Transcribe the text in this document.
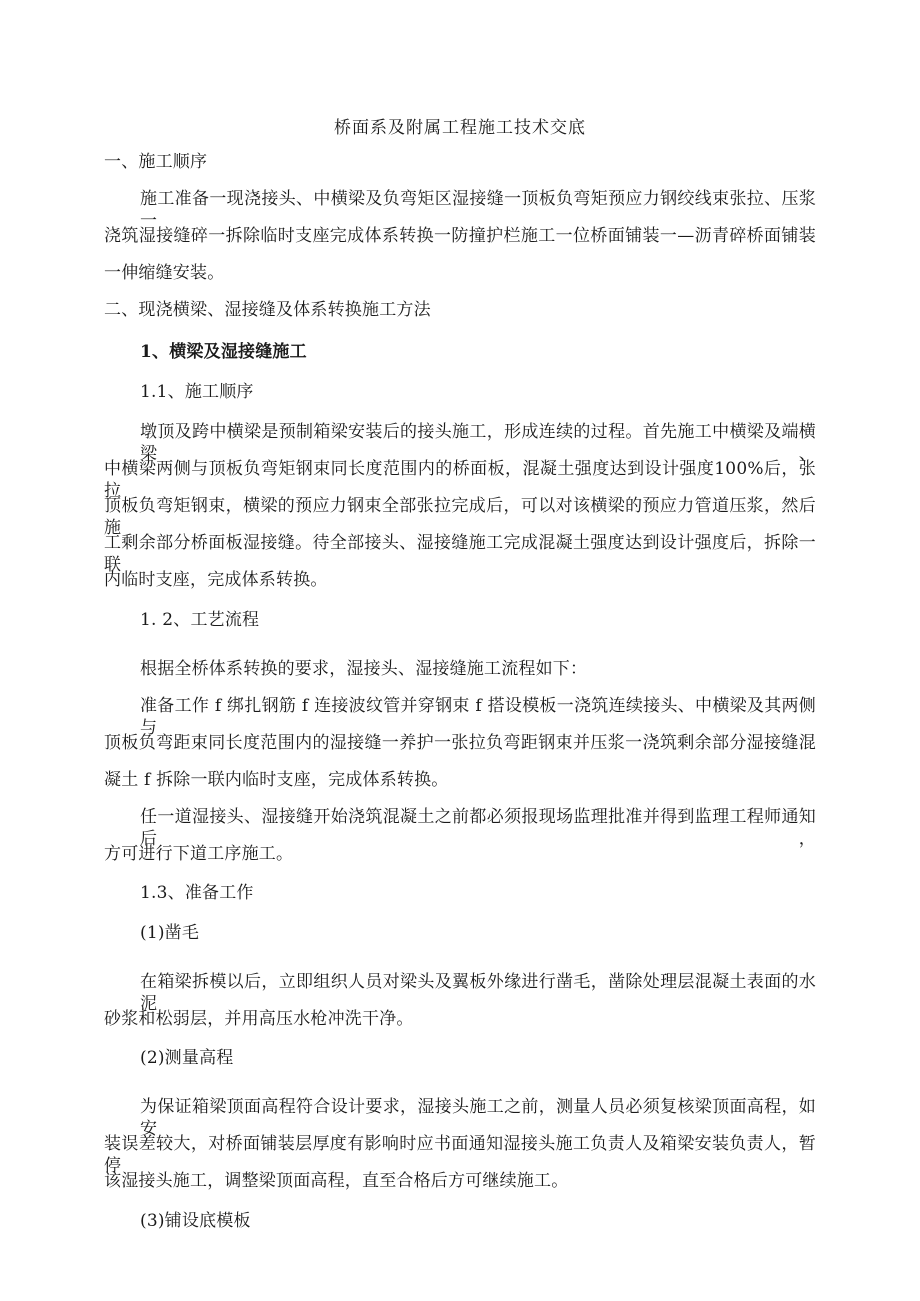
桥面系及附属工程施工技术交底
一、施工顺序
施工准备一现浇接头、中横梁及负弯矩区湿接缝一顶板负弯矩预应力钢绞线束张拉、压浆一
浇筑湿接缝碎一拆除临时支座完成体系转换一防撞护栏施工一位桥面铺装一—沥青碎桥面铺装
一伸缩缝安装。
二、现浇横梁、湿接缝及体系转换施工方法
1、横梁及湿接缝施工
1.1、施工顺序
墩顶及跨中横梁是预制箱梁安装后的接头施工，形成连续的过程。首先施工中横梁及端横梁、
中横梁两侧与顶板负弯矩钢束同长度范围内的桥面板，混凝土强度达到设计强度100%后，张拉
顶板负弯矩钢束，横梁的预应力钢束全部张拉完成后，可以对该横梁的预应力管道压浆，然后施
工剩余部分桥面板湿接缝。待全部接头、湿接缝施工完成混凝土强度达到设计强度后，拆除一联
内临时支座，完成体系转换。
1. 2、工艺流程
根据全桥体系转换的要求，湿接头、湿接缝施工流程如下：
准备工作 f 绑扎钢筋 f 连接波纹管并穿钢束 f 搭设模板一浇筑连续接头、中横梁及其两侧与
顶板负弯距束同长度范围内的湿接缝一养护一张拉负弯距钢束并压浆一浇筑剩余部分湿接缝混
凝土 f 拆除一联内临时支座，完成体系转换。
任一道湿接头、湿接缝开始浇筑混凝土之前都必须报现场监理批准并得到监理工程师通知后，
方可进行下道工序施工。
1.3、准备工作
(1)凿毛
在箱梁拆模以后，立即组织人员对梁头及翼板外缘进行凿毛，凿除处理层混凝土表面的水泥
砂浆和松弱层，并用高压水枪冲洗干净。
(2)测量高程
为保证箱梁顶面高程符合设计要求，湿接头施工之前，测量人员必须复核梁顶面高程，如安
装误差较大，对桥面铺装层厚度有影响时应书面通知湿接头施工负责人及箱梁安装负责人，暂停
该湿接头施工，调整梁顶面高程，直至合格后方可继续施工。
(3)铺设底模板
